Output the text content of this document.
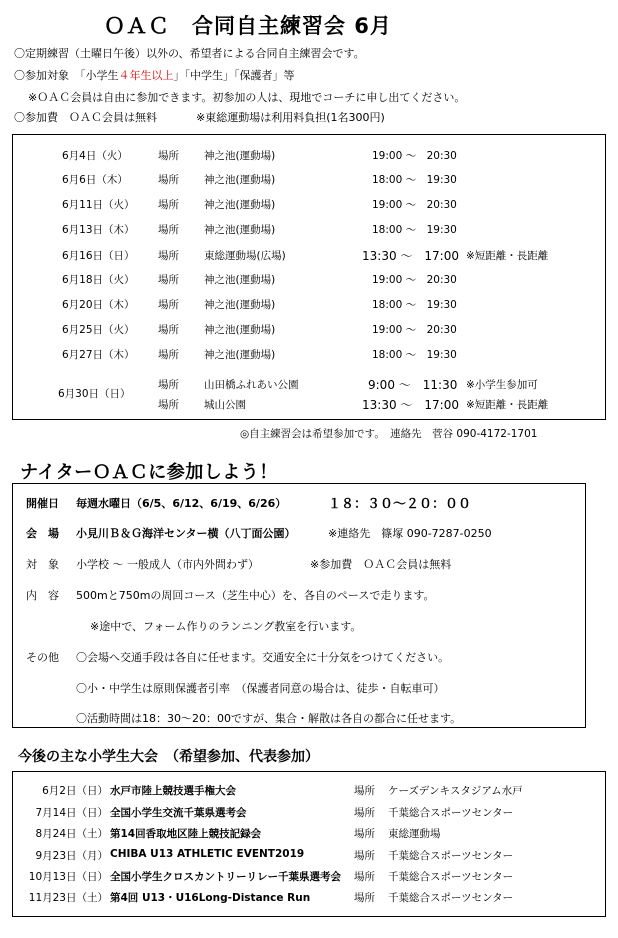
ＯＡＣ　合同自主練習会 6月
〇定期練習（土曜日午後）以外の、希望者による合同自主練習会です。
〇参加対象　「小学生４年生以上」「中学生」「保護者」等
※ＯＡＣ会員は自由に参加できます。初参加の人は、現地でコーチに申し出てください。
〇参加費　ＯＡＣ会員は無料	※東総運動場は利用料負担(1名300円)
6月4日（火）	場所 神之池(運動場)	19:00 ～　20:30
6月6日（木）	場所 神之池(運動場)	18:00 ～　19:30
6月11日（火） 場所 神之池(運動場)	19:00 ～　20:30
6月13日（木） 場所 神之池(運動場)	18:00 ～　19:30
6月16日（日） 場所 東総運動場(広場)	13:30 ～　17:00 ※短距離・長距離
6月18日（火） 場所 神之池(運動場)	19:00 ～　20:30
6月20日（木） 場所 神之池(運動場)	18:00 ～　19:30
6月25日（火） 場所 神之池(運動場)	19:00 ～　20:30
6月27日（木） 場所 神之池(運動場)	18:00 ～　19:30
6月30日（日）
場所 山田橋ふれあい公園	9:00 ～　11:30 ※小学生参加可
場所 城山公園	13:30 ～　17:00 ※短距離・長距離
◎自主練習会は希望参加です。　連絡先　菅谷 090-4172-1701
ナイターＯＡＣに参加しよう！
開催日 毎週水曜日（6/5、6/12、6/19、6/26）	１８：３０～２０：００
会　場 小見川Ｂ＆Ｇ海洋センター横（八丁面公園）	※連絡先　篠塚 090-7287-0250
対　象 小学校 ～ 一般成人（市内外問わず）	※参加費　ＯＡＣ会員は無料
内　容 500mと750mの周回コース（芝生中心）を、各自のペースで走ります。
※途中で、フォーム作りのランニング教室を行います。
その他 〇会場へ交通手段は各自に任せます。交通安全に十分気をつけてください。
〇小・中学生は原則保護者引率　（保護者同意の場合は、徒歩・自転車可）
〇活動時間は18：30～20：00ですが、集合・解散は各自の都合に任せます。
今後の主な小学生大会　（希望参加、代表参加）
6月2日（日） 水戸市陸上競技選手権大会	場所 ケーズデンキスタジアム水戸
7月14日（日） 全国小学生交流千葉県選考会	場所 千葉総合スポーツセンター
8月24日（土） 第14回香取地区陸上競技記録会	場所 東総運動場
9月23日（月） CHIBA U13 ATHLETIC EVENT2019	場所 千葉総合スポーツセンター
10月13日（日） 全国小学生クロスカントリーリレー千葉県選考会 場所 千葉総合スポーツセンター
11月23日（土） 第4回 U13・U16Long-Distance Run	場所 千葉総合スポーツセンター
